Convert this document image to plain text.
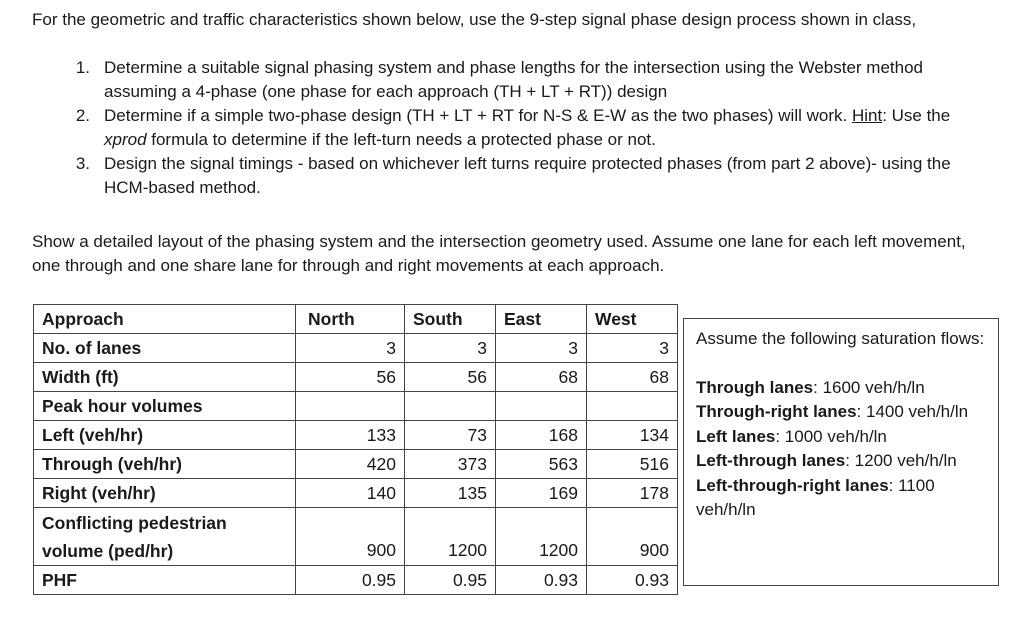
For the geometric and traffic characteristics shown below, use the 9-step signal phase design process shown in class,
1. Determine a suitable signal phasing system and phase lengths for the intersection using the Webster method assuming a 4-phase (one phase for each approach (TH + LT + RT)) design
2. Determine if a simple two-phase design (TH + LT + RT for N-S & E-W as the two phases) will work. Hint: Use the xprod formula to determine if the left-turn needs a protected phase or not.
3. Design the signal timings - based on whichever left turns require protected phases (from part 2 above)- using the HCM-based method.
Show a detailed layout of the phasing system and the intersection geometry used. Assume one lane for each left movement, one through and one share lane for through and right movements at each approach.
Approach	North	South	East	West
No. of lanes	3	3	3	3
Width (ft)	56	56	68	68
Peak hour volumes				
Left (veh/hr)	133	73	168	134
Through (veh/hr)	420	373	563	516
Right (veh/hr)	140	135	169	178
Conflicting pedestrian
volume (ped/hr)	900	1200	1200	900
PHF	0.95	0.95	0.93	0.93
Assume the following saturation flows:
Through lanes: 1600 veh/h/ln
Through-right lanes: 1400 veh/h/ln
Left lanes: 1000 veh/h/ln
Left-through lanes: 1200 veh/h/ln
Left-through-right lanes: 1100 veh/h/ln
